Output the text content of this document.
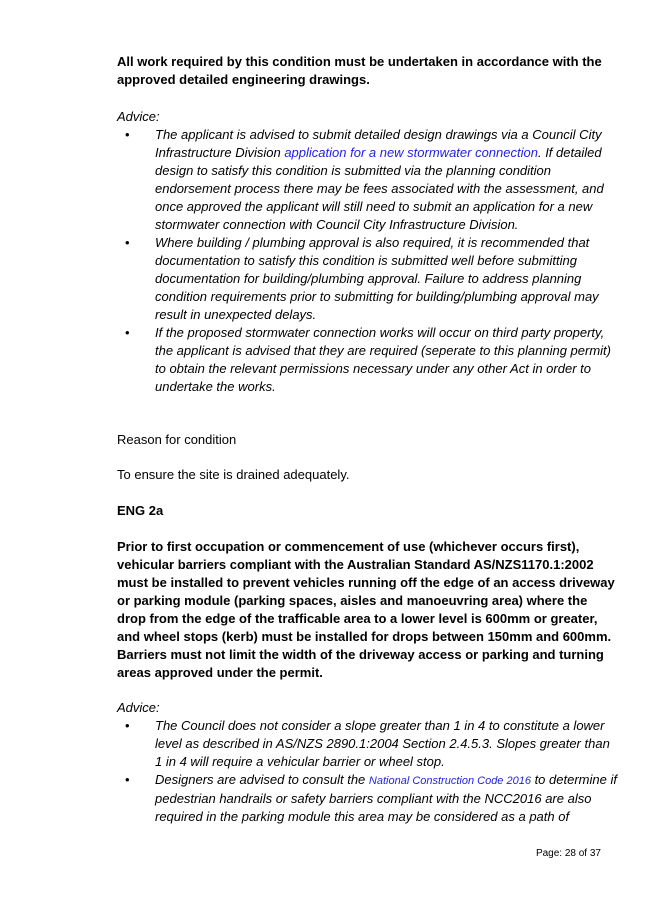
All work required by this condition must be undertaken in accordance with the approved detailed engineering drawings.
Advice:
• The applicant is advised to submit detailed design drawings via a Council City Infrastructure Division application for a new stormwater connection. If detailed design to satisfy this condition is submitted via the planning condition endorsement process there may be fees associated with the assessment, and once approved the applicant will still need to submit an application for a new stormwater connection with Council City Infrastructure Division.
• Where building / plumbing approval is also required, it is recommended that documentation to satisfy this condition is submitted well before submitting documentation for building/plumbing approval. Failure to address planning condition requirements prior to submitting for building/plumbing approval may result in unexpected delays.
• If the proposed stormwater connection works will occur on third party property, the applicant is advised that they are required (seperate to this planning permit) to obtain the relevant permissions necessary under any other Act in order to undertake the works.
Reason for condition
To ensure the site is drained adequately.
ENG 2a
Prior to first occupation or commencement of use (whichever occurs first), vehicular barriers compliant with the Australian Standard AS/NZS1170.1:2002 must be installed to prevent vehicles running off the edge of an access driveway or parking module (parking spaces, aisles and manoeuvring area) where the drop from the edge of the trafficable area to a lower level is 600mm or greater, and wheel stops (kerb) must be installed for drops between 150mm and 600mm. Barriers must not limit the width of the driveway access or parking and turning areas approved under the permit.
Advice:
• The Council does not consider a slope greater than 1 in 4 to constitute a lower level as described in AS/NZS 2890.1:2004 Section 2.4.5.3. Slopes greater than 1 in 4 will require a vehicular barrier or wheel stop.
• Designers are advised to consult the National Construction Code 2016 to determine if pedestrian handrails or safety barriers compliant with the NCC2016 are also required in the parking module this area may be considered as a path of
Page: 28 of 37
